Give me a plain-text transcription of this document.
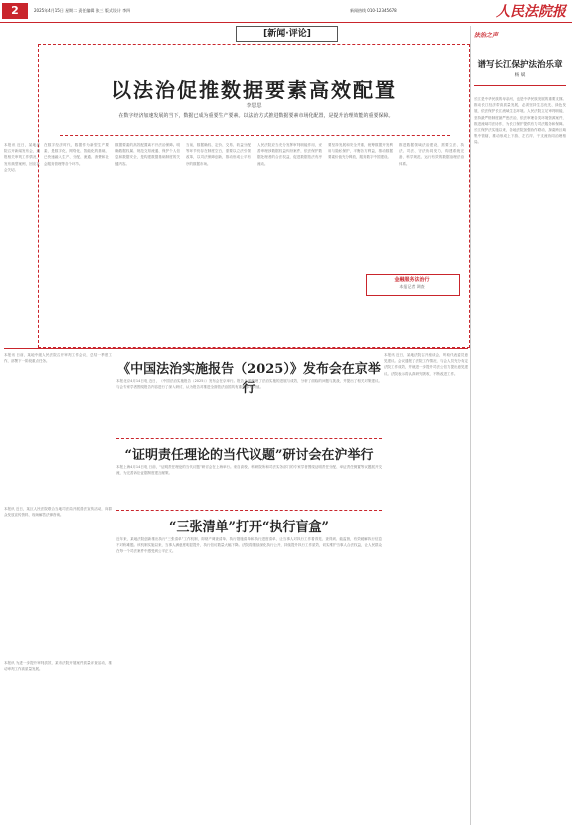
2	2025年4月15日 星期二 责任编辑 张三 版式设计 李四	新闻热线 010-12345678	人民法院报
[新闻·评论]
以法治促推数据要素高效配置
李思思
在数字经济加速发展的当下，数据已成为重要生产要素。以法治方式推进数据要素市场化配置，是提升治理效能的重要保障。
在数字经济时代，数据作为新型生产要素，是数字化、网络化、智能化的基础，已快速融入生产、分配、流通、消费和社会服务管理等各个环节。
数据要素的高效配置离不开法治保障。明确数据权属、规范交易流通、保护个人信息和数据安全，是构建数据基础制度的关键内容。
当前，数据确权、定价、交易、收益分配等环节仍存在制度空白，需要以立法引领改革，以司法保障创新，推动形成公平有序的数据市场。
人民法院应当充分发挥审判职能作用，妥善审理涉数据权益纠纷案件，依法保护数据处理者的合法权益，促进数据依法有序流动。
要坚持发展和安全并重，统筹数据开发利用与隐私保护，平衡各方利益，推动数据要素价值充分释放，服务数字中国建设。
推进数据领域法治建设，需要立法、执法、司法、守法协同发力，构建系统完备、科学规范、运行有效的数据治理法治体系。
金融服务法治行
本报记者 调查
本报讯 近日，某地法院召开新闻发布会，通报相关审判工作情况，发布典型案例，回应社会关切。
法治之声
谱写长江保护法治乐章
杨 斌
长江是中华民族的母亲河，也是中华民族发展的重要支撑。推动长江经济带高质量发展，必须坚持生态优先、绿色发展，依法保护长江流域生态环境。人民法院立足审判职能，坚持最严格制度最严密法治，依法审理各类环境资源案件，推进流域司法协作，为长江保护提供有力司法服务和保障。长江保护法实施以来，各地法院加强协作联动，探索跨区域集中管辖，推动形成上下游、左右岸、干支流协同治理格局。
本报讯 日前，某地中级人民法院召开审判工作会议，总结一季度工作，部署下一阶段重点任务。
本报讯 近日，某区人民法院联合当地司法局开展普法宣传活动，向群众发放宣传资料，现场解答法律咨询。
本报讯 为进一步提升审判质效，某市法院开展案件质量评查活动，推动审判工作高质量发展。
《中国法治实施报告（2025）》发布会在京举行
本报北京4月14日电 近日，《中国法治实施报告（2025）》发布会在京举行。报告全面梳理了法治实施的进展与成效，分析了面临的问题与挑战，并提出了相关对策建议。与会专家学者围绕报告内容进行了深入研讨，认为报告对推进全面依法治国具有重要参考价值。
“证明责任理论的当代议题”研讨会在沪举行
本报上海4月14日电 日前，“证明责任理论的当代议题”研讨会在上海举行。来自高校、科研院所和司法实务部门的专家学者围绕证明责任分配、举证责任倒置等议题展开交流，为完善诉讼证据制度建言献策。
“三张清单”打开“执行盲盒”
近年来，某地法院创新推出执行“三张清单”工作机制，即财产调查清单、执行措施清单和执行进度清单，让当事人对执行工作看得见、查得到、能监督，有效破解执行信息不对称难题。该机制实施以来，当事人满意度明显提升，执行信访数量大幅下降。法院将继续深化执行公开，持续提升执行工作质效，切实维护当事人合法权益，让人民群众在每一个司法案件中感受到公平正义。
本报讯 近日，某地法院召开座谈会，听取代表委员意见建议。会议通报了法院工作情况，与会人员充分肯定法院工作成效，并就进一步提升司法公信力提出意见建议。法院表示将认真研究吸收，不断改进工作。
